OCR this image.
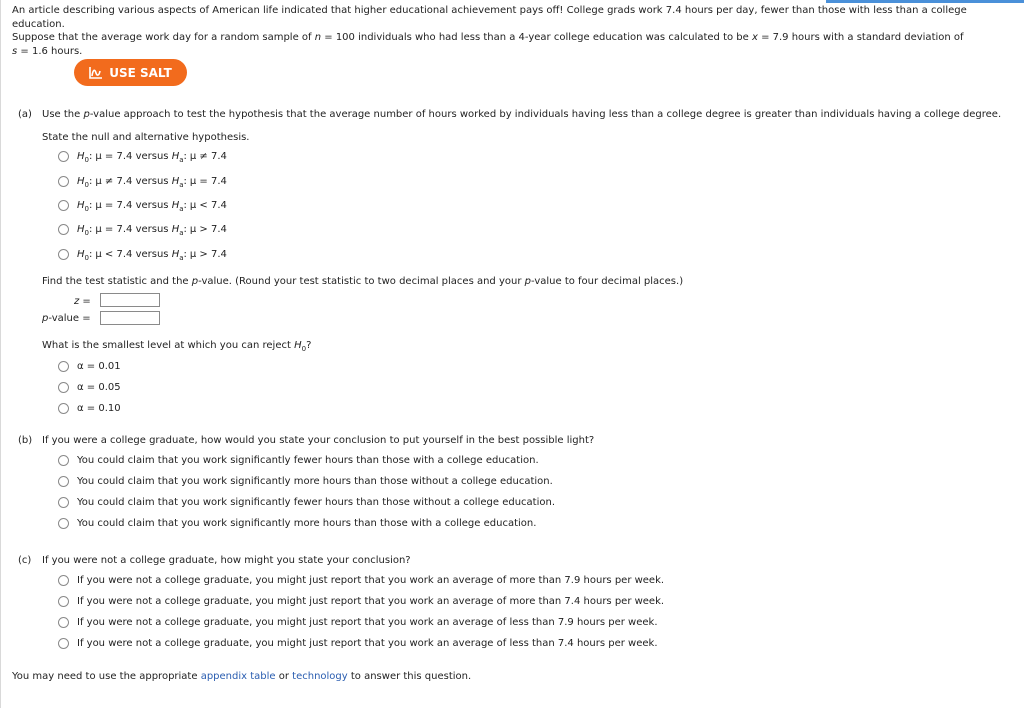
An article describing various aspects of American life indicated that higher educational achievement pays off! College grads work 7.4 hours per day, fewer than those with less than a college education.

Suppose that the average work day for a random sample of n = 100 individuals who had less than a 4-year college education was calculated to be x = 7.9 hours with a standard deviation of

s = 1.6 hours.

USE SALT
(a) Use the p-value approach to test the hypothesis that the average number of hours worked by individuals having less than a college degree is greater than individuals having a college degree.
State the null and alternative hypothesis.
$H_0$: μ = 7.4 versus $H_a$: μ ≠ 7.4
$H_0$: μ ≠ 7.4 versus $H_a$: μ = 7.4
$H_0$: μ = 7.4 versus $H_a$: μ < 7.4
$H_0$: μ = 7.4 versus $H_a$: μ > 7.4
$H_0$: μ < 7.4 versus $H_a$: μ > 7.4
Find the test statistic and the p-value. (Round your test statistic to two decimal places and your p-value to four decimal places.)
z =
p-value =
What is the smallest level at which you can reject $H_0$?
α = 0.01
α = 0.05
α = 0.10
(b) If you were a college graduate, how would you state your conclusion to put yourself in the best possible light?
You could claim that you work significantly fewer hours than those with a college education.
You could claim that you work significantly more hours than those without a college education.
You could claim that you work significantly fewer hours than those without a college education.
You could claim that you work significantly more hours than those with a college education.
(c) If you were not a college graduate, how might you state your conclusion?
If you were not a college graduate, you might just report that you work an average of more than 7.9 hours per week.
If you were not a college graduate, you might just report that you work an average of more than 7.4 hours per week.
If you were not a college graduate, you might just report that you work an average of less than 7.9 hours per week.
If you were not a college graduate, you might just report that you work an average of less than 7.4 hours per week.
You may need to use the appropriate appendix table or technology to answer this question.
